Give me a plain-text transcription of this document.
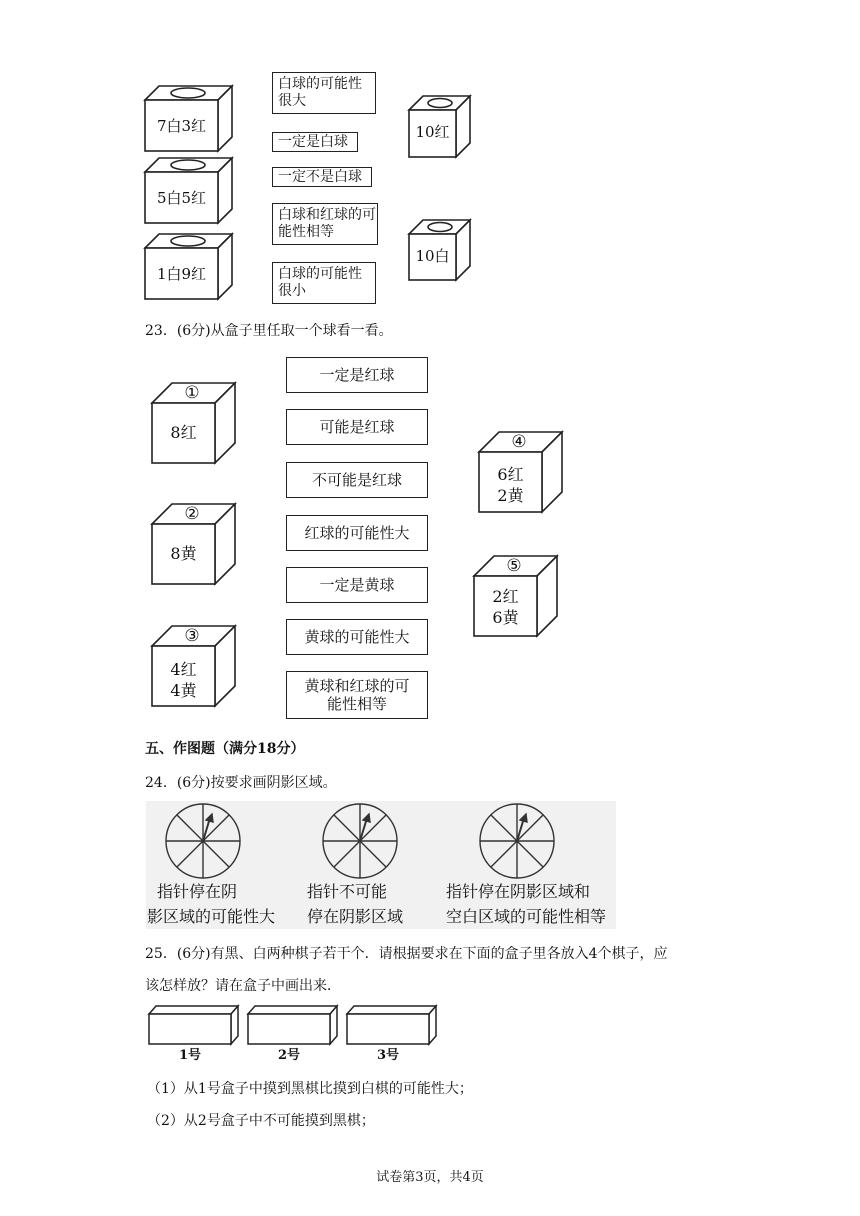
7白3红
5白5红
1白9红
10红
10白
白球的可能性很大
一定是白球
一定不是白球
白球和红球的可能性相等
白球的可能性很小
23．(6分)从盒子里任取一个球看一看。
①
8红
②
8黄
③
4红
4黄
④
6红
2黄
⑤
2红
6黄
一定是红球
可能是红球
不可能是红球
红球的可能性大
一定是黄球
黄球的可能性大
黄球和红球的可能性相等
五、作图题（满分18分）
24．(6分)按要求画阴影区域。
指针停在阴
影区域的可能性大
指针不可能
停在阴影区域
指针停在阴影区域和
空白区域的可能性相等
25．(6分)有黑、白两种棋子若干个．请根据要求在下面的盒子里各放入4个棋子，应
该怎样放？请在盒子中画出来．
1号	2号	3号
（1）从1号盒子中摸到黑棋比摸到白棋的可能性大；
（2）从2号盒子中不可能摸到黑棋；
试卷第3页，共4页
